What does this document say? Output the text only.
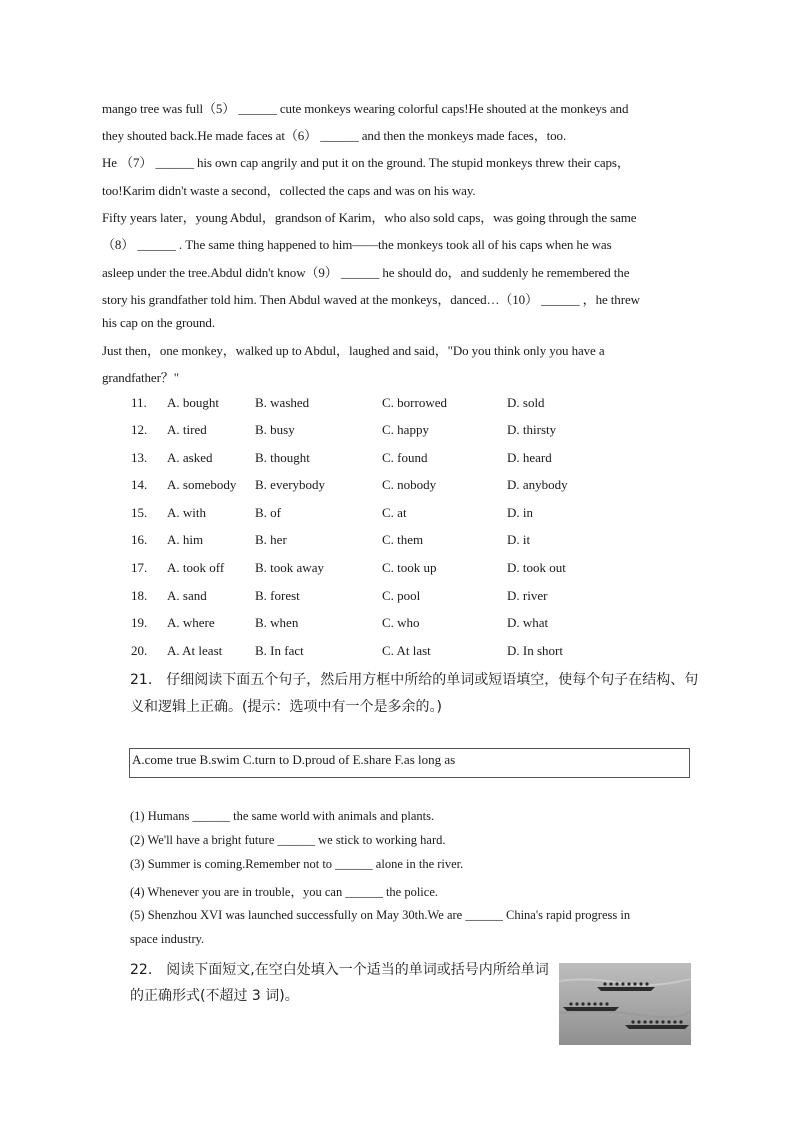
mango tree was full（5） ______ cute monkeys wearing colorful caps!He shouted at the monkeys and
they shouted back.He made faces at（6） ______ and then the monkeys made faces，too.
He （7） ______ his own cap angrily and put it on the ground. The stupid monkeys threw their caps，
too!Karim didn't waste a second，collected the caps and was on his way.
Fifty years later，young Abdul，grandson of Karim，who also sold caps，was going through the same
（8） ______ . The same thing happened to him——the monkeys took all of his caps when he was
asleep under the tree.Abdul didn't know（9） ______ he should do，and suddenly he remembered the
story his grandfather told him. Then Abdul waved at the monkeys，danced…（10） ______ ，he threw
his cap on the ground.
Just then，one monkey，walked up to Abdul，laughed and said，"Do you think only you have a
grandfather？"
11. A. bought	B. washed	C. borrowed	D. sold
12. A. tired	B. busy	C. happy	D. thirsty
13. A. asked	B. thought	C. found	D. heard
14. A. somebody B. everybody	C. nobody	D. anybody
15. A. with	B. of	C. at	D. in
16. A. him	B. her	C. them	D. it
17. A. took off B. took away	C. took up	D. took out
18. A. sand	B. forest	C. pool	D. river
19. A. where	B. when	C. who	D. what
20. A. At least	B. In fact	C. At last	D. In short
21.　仔细阅读下面五个句子，然后用方框中所给的单词或短语填空，使每个句子在结构、句
义和逻辑上正确。(提示：选项中有一个是多余的。)
A.come true B.swim C.turn to D.proud of E.share F.as long as
(1) Humans ______ the same world with animals and plants.
(2) We'll have a bright future ______ we stick to working hard.
(3) Summer is coming.Remember not to ______ alone in the river.
(4) Whenever you are in trouble，you can ______ the police.
(5) Shenzhou XVI was launched successfully on May 30th.We are ______ China's rapid progress in
space industry.
22.　阅读下面短文,在空白处填入一个适当的单词或括号内所给单词
的正确形式(不超过 3 词)。
